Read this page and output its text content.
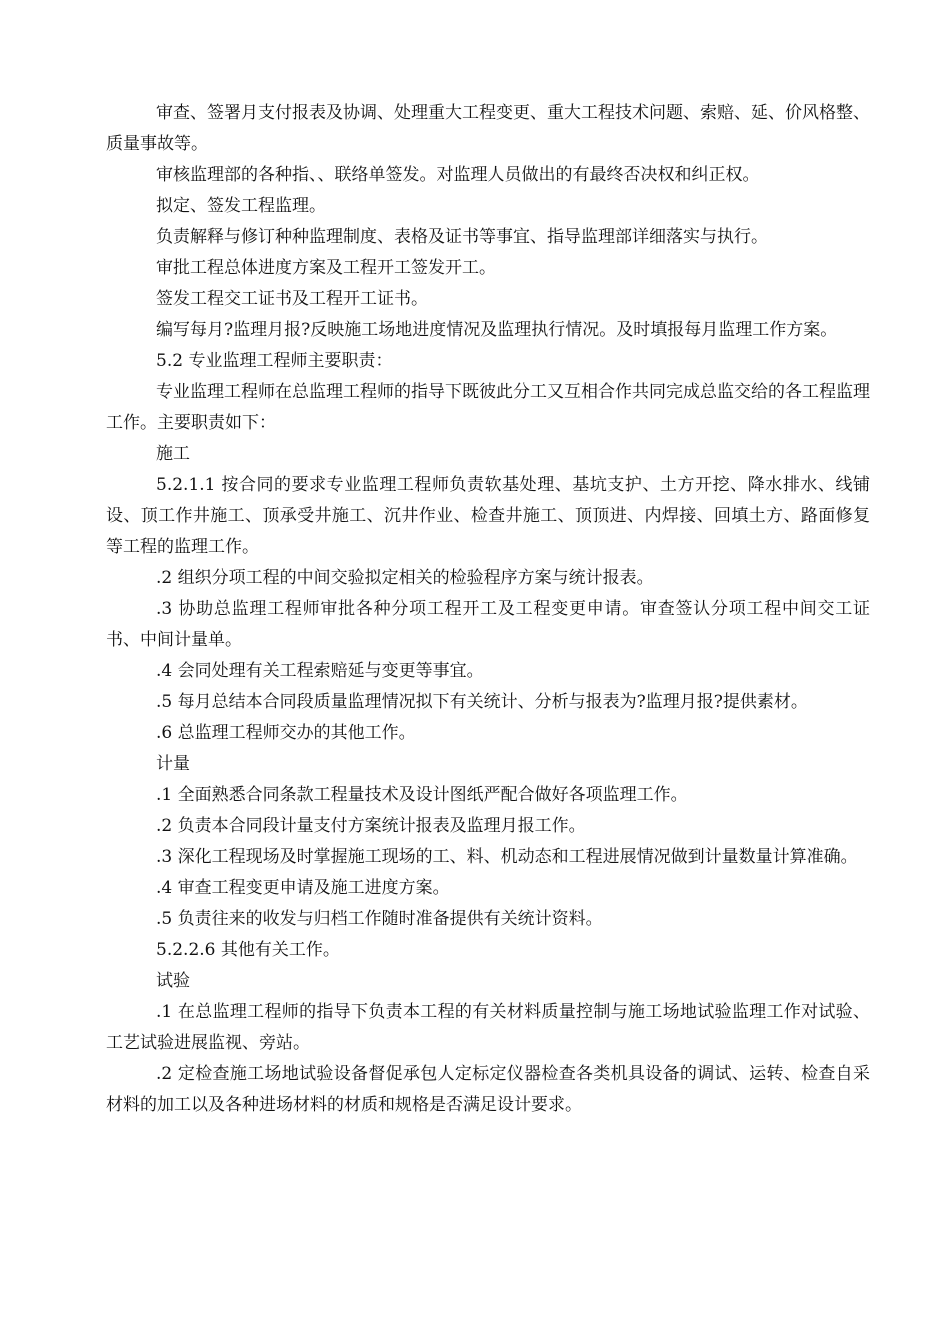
审查、签署月支付报表及协调、处理重大工程变更、重大工程技术问题、索赔、延、价风格整、质量事故等。

审核监理部的各种指、、联络单签发。对监理人员做出的有最终否决权和纠正权。

拟定、签发工程监理。

负责解释与修订种种监理制度、表格及证书等事宜、指导监理部详细落实与执行。

审批工程总体进度方案及工程开工签发开工。

签发工程交工证书及工程开工证书。

编写每月?监理月报?反映施工场地进度情况及监理执行情况。及时填报每月监理工作方案。

5.2 专业监理工程师主要职责：

专业监理工程师在总监理工程师的指导下既彼此分工又互相合作共同完成总监交给的各工程监理工作。主要职责如下：

施工

5.2.1.1 按合同的要求专业监理工程师负责软基处理、基坑支护、土方开挖、降水排水、线铺设、顶工作井施工、顶承受井施工、沉井作业、检查井施工、顶顶进、内焊接、回填土方、路面修复等工程的监理工作。

.2 组织分项工程的中间交验拟定相关的检验程序方案与统计报表。

.3 协助总监理工程师审批各种分项工程开工及工程变更申请。审查签认分项工程中间交工证书、中间计量单。

.4 会同处理有关工程索赔延与变更等事宜。

.5 每月总结本合同段质量监理情况拟下有关统计、分析与报表为?监理月报?提供素材。

.6 总监理工程师交办的其他工作。

计量

.1 全面熟悉合同条款工程量技术及设计图纸严配合做好各项监理工作。

.2 负责本合同段计量支付方案统计报表及监理月报工作。

.3 深化工程现场及时掌握施工现场的工、料、机动态和工程进展情况做到计量数量计算准确。

.4 审查工程变更申请及施工进度方案。

.5 负责往来的收发与归档工作随时准备提供有关统计资料。

5.2.2.6 其他有关工作。

试验

.1 在总监理工程师的指导下负责本工程的有关材料质量控制与施工场地试验监理工作对试验、工艺试验进展监视、旁站。

.2 定检查施工场地试验设备督促承包人定标定仪器检查各类机具设备的调试、运转、检查自采材料的加工以及各种进场材料的材质和规格是否满足设计要求。
